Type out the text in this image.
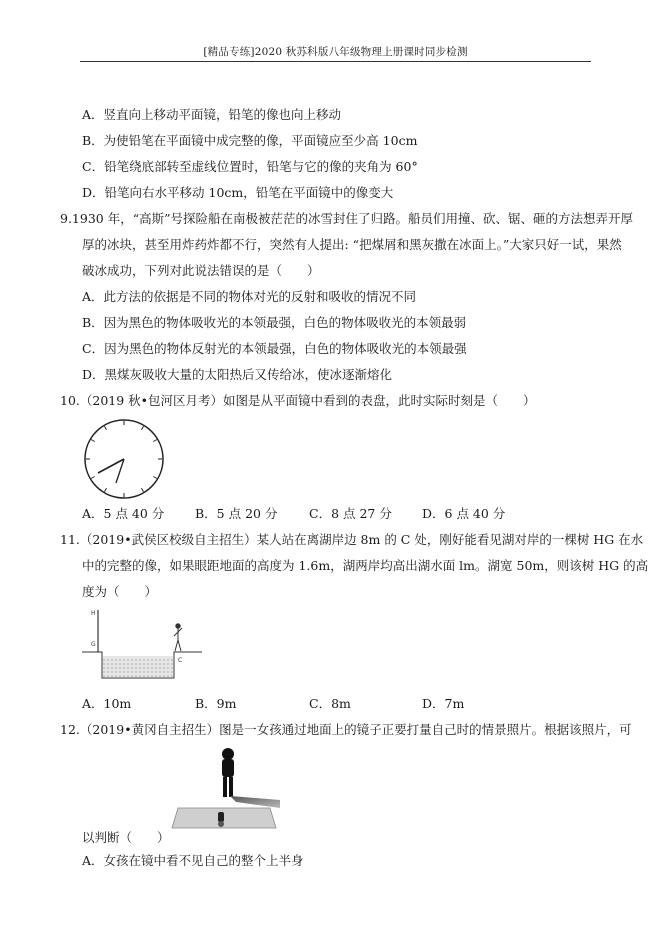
[精品专练]2020 秋苏科版八年级物理上册课时同步检测
A．竖直向上移动平面镜，铅笔的像也向上移动
B．为使铅笔在平面镜中成完整的像，平面镜应至少高 10cm
C．铅笔绕底部转至虚线位置时，铅笔与它的像的夹角为 60°
D．铅笔向右水平移动 10cm，铅笔在平面镜中的像变大
9.1930 年，“高斯”号探险船在南极被茫茫的冰雪封住了归路。船员们用撞、砍、锯、砸的方法想弄开厚
厚的冰块，甚至用炸药炸都不行，突然有人提出: “把煤屑和黑灰撒在冰面上。”大家只好一试，果然
破冰成功，下列对此说法错误的是（　　）
A．此方法的依据是不同的物体对光的反射和吸收的情况不同
B．因为黑色的物体吸收光的本领最强，白色的物体吸收光的本领最弱
C．因为黑色的物体反射光的本领最强，白色的物体吸收光的本领最强
D．黑煤灰吸收大量的太阳热后又传给冰，使冰逐渐熔化
10.（2019 秋•包河区月考）如图是从平面镜中看到的表盘，此时实际时刻是（　　）
A．5 点 40 分 B．5 点 20 分	C．8 点 27 分 D．6 点 40 分
11.（2019•武侯区校级自主招生）某人站在离湖岸边 8m 的 C 处，刚好能看见湖对岸的一棵树 HG 在水
中的完整的像，如果眼距地面的高度为 1.6m，湖两岸均高出湖水面 lm。湖宽 50m，则该树 HG 的高
度为（　　）
H
G
C
A．10m	B．9m	C．8m	D．7m
12.（2019•黄冈自主招生）图是一女孩通过地面上的镜子正要打量自己时的情景照片。根据该照片，可
以判断（　　）
A．女孩在镜中看不见自己的整个上半身
